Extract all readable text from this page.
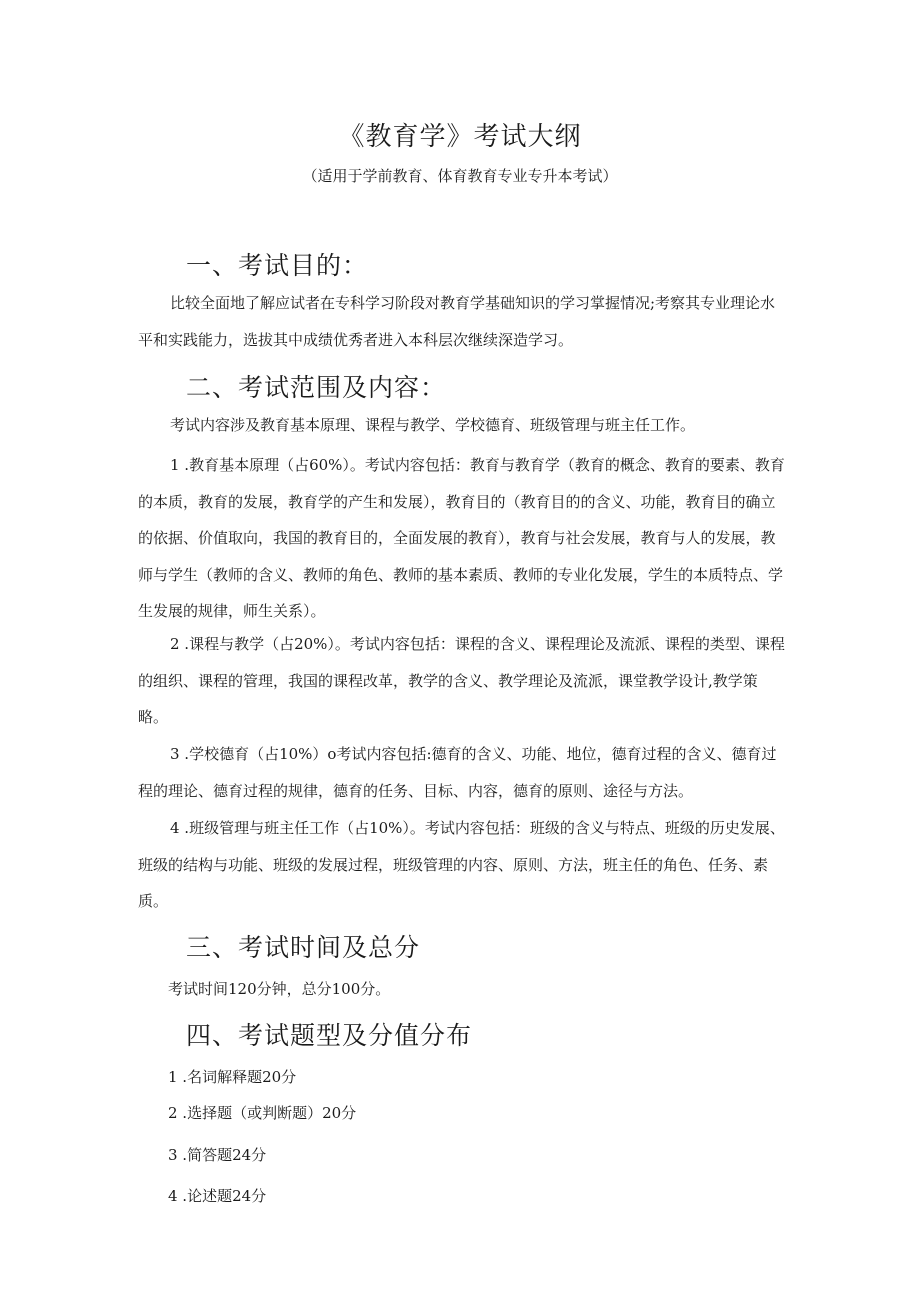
《教育学》考试大纲
（适用于学前教育、体育教育专业专升本考试）
一、考试目的：
比较全面地了解应试者在专科学习阶段对教育学基础知识的学习掌握情况;考察其专业理论水平和实践能力，选拔其中成绩优秀者进入本科层次继续深造学习。
二、考试范围及内容：
考试内容涉及教育基本原理、课程与教学、学校德育、班级管理与班主任工作。
1 .教育基本原理（占60%）。考试内容包括：教育与教育学（教育的概念、教育的要素、教育的本质，教育的发展，教育学的产生和发展），教育目的（教育目的的含义、功能，教育目的确立的依据、价值取向，我国的教育目的，全面发展的教育），教育与社会发展，教育与人的发展，教师与学生（教师的含义、教师的角色、教师的基本素质、教师的专业化发展，学生的本质特点、学生发展的规律，师生关系）。
2 .课程与教学（占20%）。考试内容包括：课程的含义、课程理论及流派、课程的类型、课程的组织、课程的管理，我国的课程改革，教学的含义、教学理论及流派，课堂教学设计,教学策略。
3 .学校德育（占10%）o考试内容包括:德育的含义、功能、地位，德育过程的含义、德育过程的理论、德育过程的规律，德育的任务、目标、内容，德育的原则、途径与方法。
4 .班级管理与班主任工作（占10%）。考试内容包括：班级的含义与特点、班级的历史发展、班级的结构与功能、班级的发展过程，班级管理的内容、原则、方法，班主任的角色、任务、素质。
三、考试时间及总分
考试时间120分钟，总分100分。
四、考试题型及分值分布
1 .名词解释题20分
2 .选择题（或判断题）20分
3 .简答题24分
4 .论述题24分
